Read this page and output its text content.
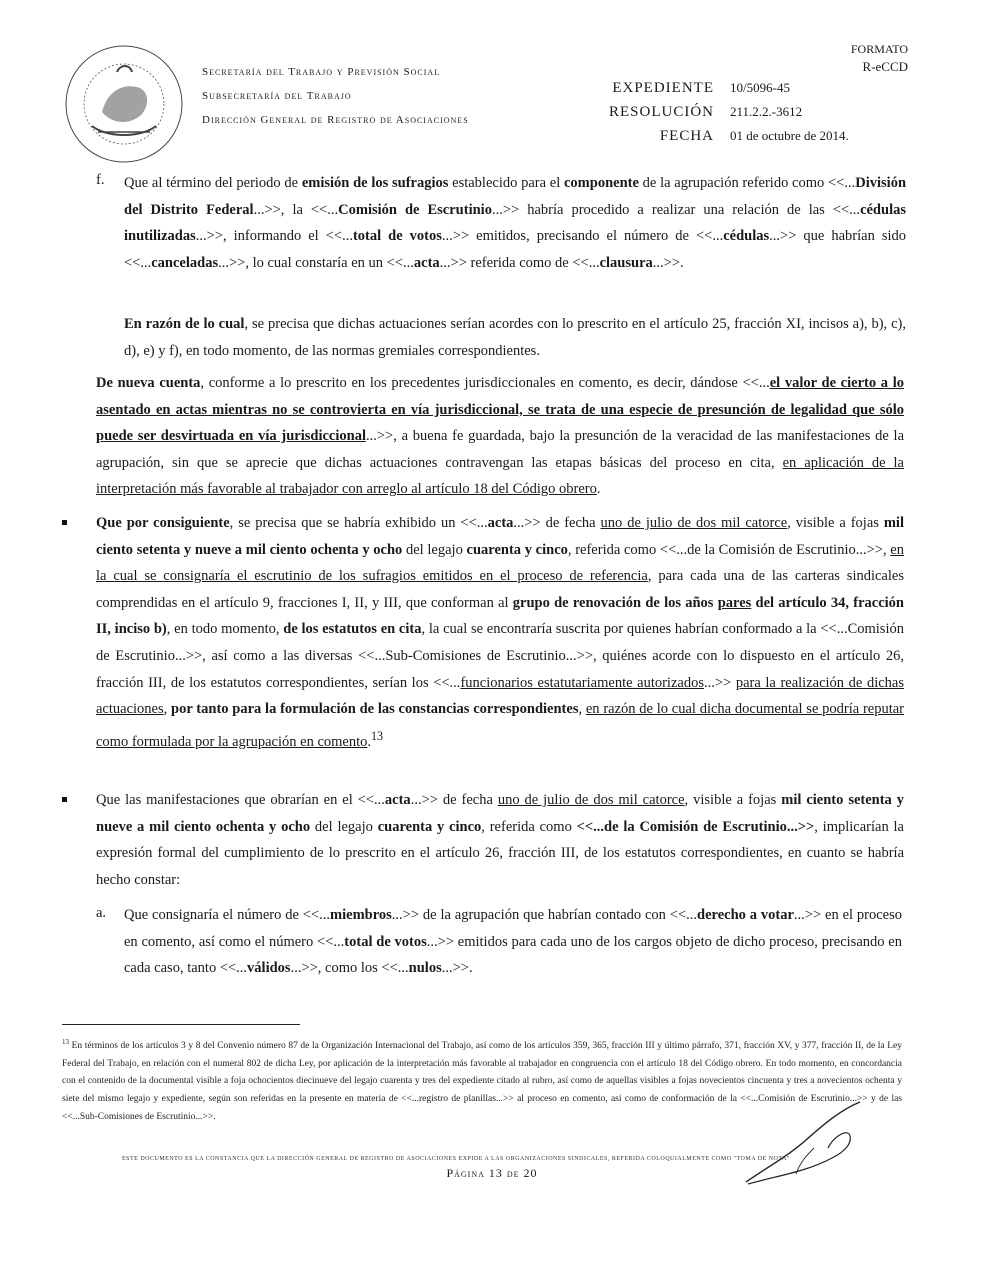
Secretaría del Trabajo y Previsión Social
Subsecretaría del Trabajo
Dirección General de Registro de Asociaciones
FORMATO
R-eCCD
EXPEDIENTE 10/5096-45
RESOLUCIÓN 211.2.2.-3612
FECHA 01 de octubre de 2014.
f. Que al término del periodo de emisión de los sufragios establecido para el componente de la agrupación referido como <<...División del Distrito Federal...>>, la <<...Comisión de Escrutinio...>> habría procedido a realizar una relación de las <<...cédulas inutilizadas...>>, informando el <<...total de votos...>> emitidos, precisando el número de <<...cédulas...>> que habrían sido <<...canceladas...>>, lo cual constaría en un <<...acta...>> referida como de <<...clausura...>>.

En razón de lo cual, se precisa que dichas actuaciones serían acordes con lo prescrito en el artículo 25, fracción XI, incisos a), b), c), d), e) y f), en todo momento, de las normas gremiales correspondientes.

De nueva cuenta, conforme a lo prescrito en los precedentes jurisdiccionales en comento, es decir, dándose <<...el valor de cierto a lo asentado en actas mientras no se controvierta en vía jurisdiccional, se trata de una especie de presunción de legalidad que sólo puede ser desvirtuada en vía jurisdiccional...>>, a buena fe guardada, bajo la presunción de la veracidad de las manifestaciones de la agrupación, sin que se aprecie que dichas actuaciones contravengan las etapas básicas del proceso en cita, en aplicación de la interpretación más favorable al trabajador con arreglo al artículo 18 del Código obrero.

Que por consiguiente, se precisa que se habría exhibido un <<...acta...>> de fecha uno de julio de dos mil catorce, visible a fojas mil ciento setenta y nueve a mil ciento ochenta y ocho del legajo cuarenta y cinco, referida como <<...de la Comisión de Escrutinio...>>, en la cual se consignaría el escrutinio de los sufragios emitidos en el proceso de referencia, para cada una de las carteras sindicales comprendidas en el artículo 9, fracciones I, II, y III, que conforman al grupo de renovación de los años pares del artículo 34, fracción II, inciso b), en todo momento, de los estatutos en cita, la cual se encontraría suscrita por quienes habrían conformado a la <<...Comisión de Escrutinio...>>, así como a las diversas <<...Sub-Comisiones de Escrutinio...>>, quiénes acorde con lo dispuesto en el artículo 26, fracción III, de los estatutos correspondientes, serían los <<...funcionarios estatutariamente autorizados...>> para la realización de dichas actuaciones, por tanto para la formulación de las constancias correspondientes, en razón de lo cual dicha documental se podría reputar como formulada por la agrupación en comento.$^{13}$

Que las manifestaciones que obrarían en el <<...acta...>> de fecha uno de julio de dos mil catorce, visible a fojas mil ciento setenta y nueve a mil ciento ochenta y ocho del legajo cuarenta y cinco, referida como <<...de la Comisión de Escrutinio...>>, implicarían la expresión formal del cumplimiento de lo prescrito en el artículo 26, fracción III, de los estatutos correspondientes, en cuanto se habría hecho constar:

a. Que consignaría el número de <<...miembros...>> de la agrupación que habrían contado con <<...derecho a votar...>> en el proceso en comento, así como el número <<...total de votos...>> emitidos para cada uno de los cargos objeto de dicho proceso, precisando en cada caso, tanto <<...válidos...>>, como los <<...nulos...>>.

$^{13}$ En términos de los artículos 3 y 8 del Convenio número 87 de la Organización Internacional del Trabajo, así como de los artículos 359, 365, fracción III y último párrafo, 371, fracción XV, y 377, fracción II, de la Ley Federal del Trabajo, en relación con el numeral 802 de dicha Ley, por aplicación de la interpretación más favorable al trabajador en congruencia con el artículo 18 del Código obrero. En todo momento, en concordancia con el contenido de la documental visible a foja ochocientos diecinueve del legajo cuarenta y tres del expediente citado al rubro, así como de aquellas visibles a fojas novecientos cincuenta y tres a novecientos ochenta y siete del mismo legajo y expediente, según son referidas en la presente en materia de <<...registro de planillas...>> al proceso en comento, así como de conformación de la <<...Comisión de Escrutinio...>> y de las <<...Sub-Comisiones de Escrutinio...>>.

ESTE DOCUMENTO ES LA CONSTANCIA QUE LA DIRECCIÓN GENERAL DE REGISTRO DE ASOCIACIONES EXPIDE A LAS ORGANIZACIONES SINDICALES, REFERIDA COLOQUIALMENTE COMO "TOMA DE NOTA"
Página 13 de 20
